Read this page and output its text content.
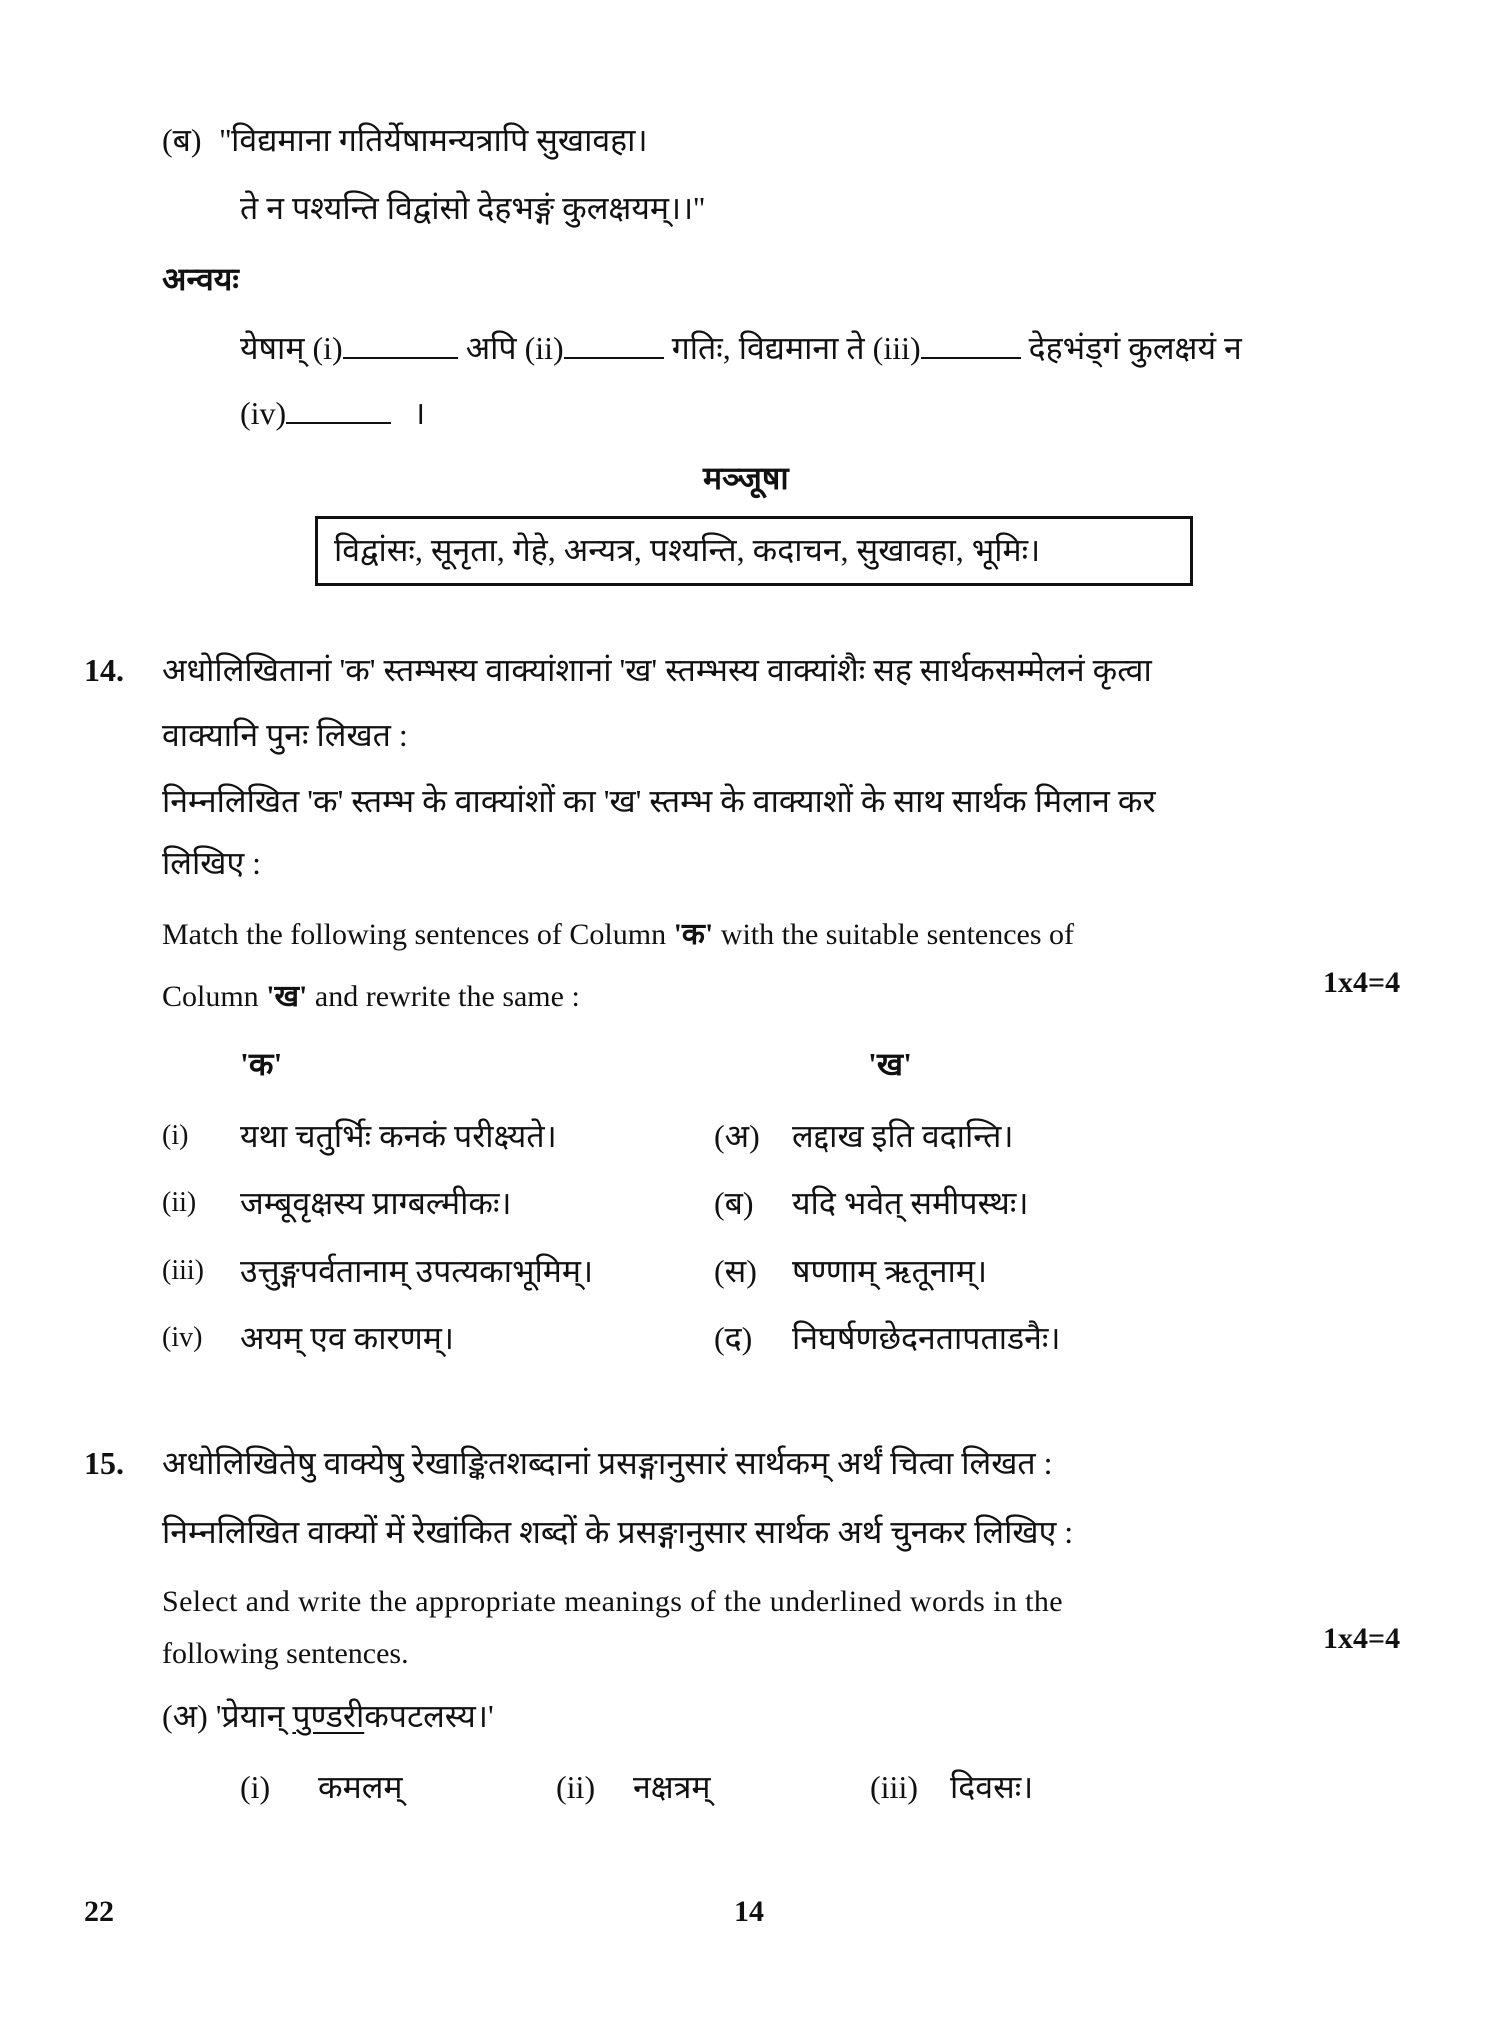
(ब) ''विद्यमाना गतिर्येषामन्यत्रापि सुखावहा।
ते न पश्यन्ति विद्वांसो देहभङ्गं कुलक्षयम्।।''
अन्वयः
येषाम् (i)	अपि (ii)	गतिः, विद्यमाना ते (iii)	देहभंड्गं कुलक्षयं न
(iv)	।
मञ्जूषा
विद्वांसः, सूनृता, गेहे, अन्यत्र, पश्यन्ति, कदाचन, सुखावहा, भूमिः।
14. अधोलिखितानां 'क' स्तम्भस्य वाक्यांशानां 'ख' स्तम्भस्य वाक्यांशैः सह सार्थकसम्मेलनं कृत्वा
वाक्यानि पुनः लिखत :
निम्नलिखित 'क' स्तम्भ के वाक्यांशों का 'ख' स्तम्भ के वाक्याशों के साथ सार्थक मिलान कर
लिखिए :
Match the following sentences of Column 'क' with the suitable sentences of
Column 'ख' and rewrite the same :	1x4=4
'क'	'ख'
(i) यथा चतुर्भिः कनकं परीक्ष्यते।	(अ) लद्दाख इति वदान्ति।
(ii) जम्बूवृक्षस्य प्राग्बल्मीकः।	(ब) यदि भवेत् समीपस्थः।
(iii) उत्तुङ्गपर्वतानाम् उपत्यकाभूमिम्।	(स) षण्णाम् ऋतूनाम्।
(iv) अयम् एव कारणम्।	(द) निघर्षणछेदनतापताडनैः।
15. अधोलिखितेषु वाक्येषु रेखाङ्कितशब्दानां प्रसङ्गानुसारं सार्थकम् अर्थं चित्वा लिखत :
निम्नलिखित वाक्यों में रेखांकित शब्दों के प्रसङ्गानुसार सार्थक अर्थ चुनकर लिखिए :
Select and write the appropriate meanings of the underlined words in the
following sentences.	1x4=4
(अ) 'प्रेयान् पुण्डरीकपटलस्य।'
(i) कमलम्	(ii) नक्षत्रम्	(iii) दिवसः।
22	14
